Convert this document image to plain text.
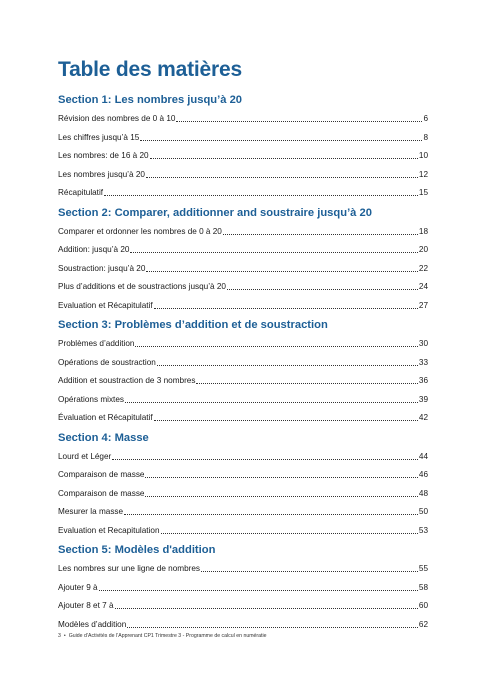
Table des matières
Section 1: Les nombres jusqu’à 20
Révision des nombres de 0 à 10	6
Les chiffres jusqu’à 15	8
Les nombres: de 16 à 20	10
Les nombres jusqu’à 20	12
Récapitulatif	15
Section 2: Comparer, additionner and soustraire jusqu’à 20
Comparer et ordonner les nombres de 0 à 20	18
Addition: jusqu’à 20	20
Soustraction: jusqu’à 20	22
Plus d’additions et de soustractions jusqu’à 20	24
Evaluation et Récapitulatif	27
Section 3: Problèmes d’addition et de soustraction
Problèmes d’addition	30
Opérations de soustraction	33
Addition et soustraction de 3 nombres	36
Opérations mixtes	39
Évaluation et Récapitulatif	42
Section 4: Masse
Lourd et Léger	44
Comparaison de masse	46
Comparaison de masse	48
Mesurer la masse	50
Evaluation et Recapitulation	53
Section 5: Modèles d'addition
Les nombres sur une ligne de nombres	55
Ajouter 9 à	58
Ajouter 8 et 7 à	60
Modèles d’addition	62
3 • Guide d’Activités de l’Apprenant CP1 Trimestre 3 - Programme de calcul en numératie
